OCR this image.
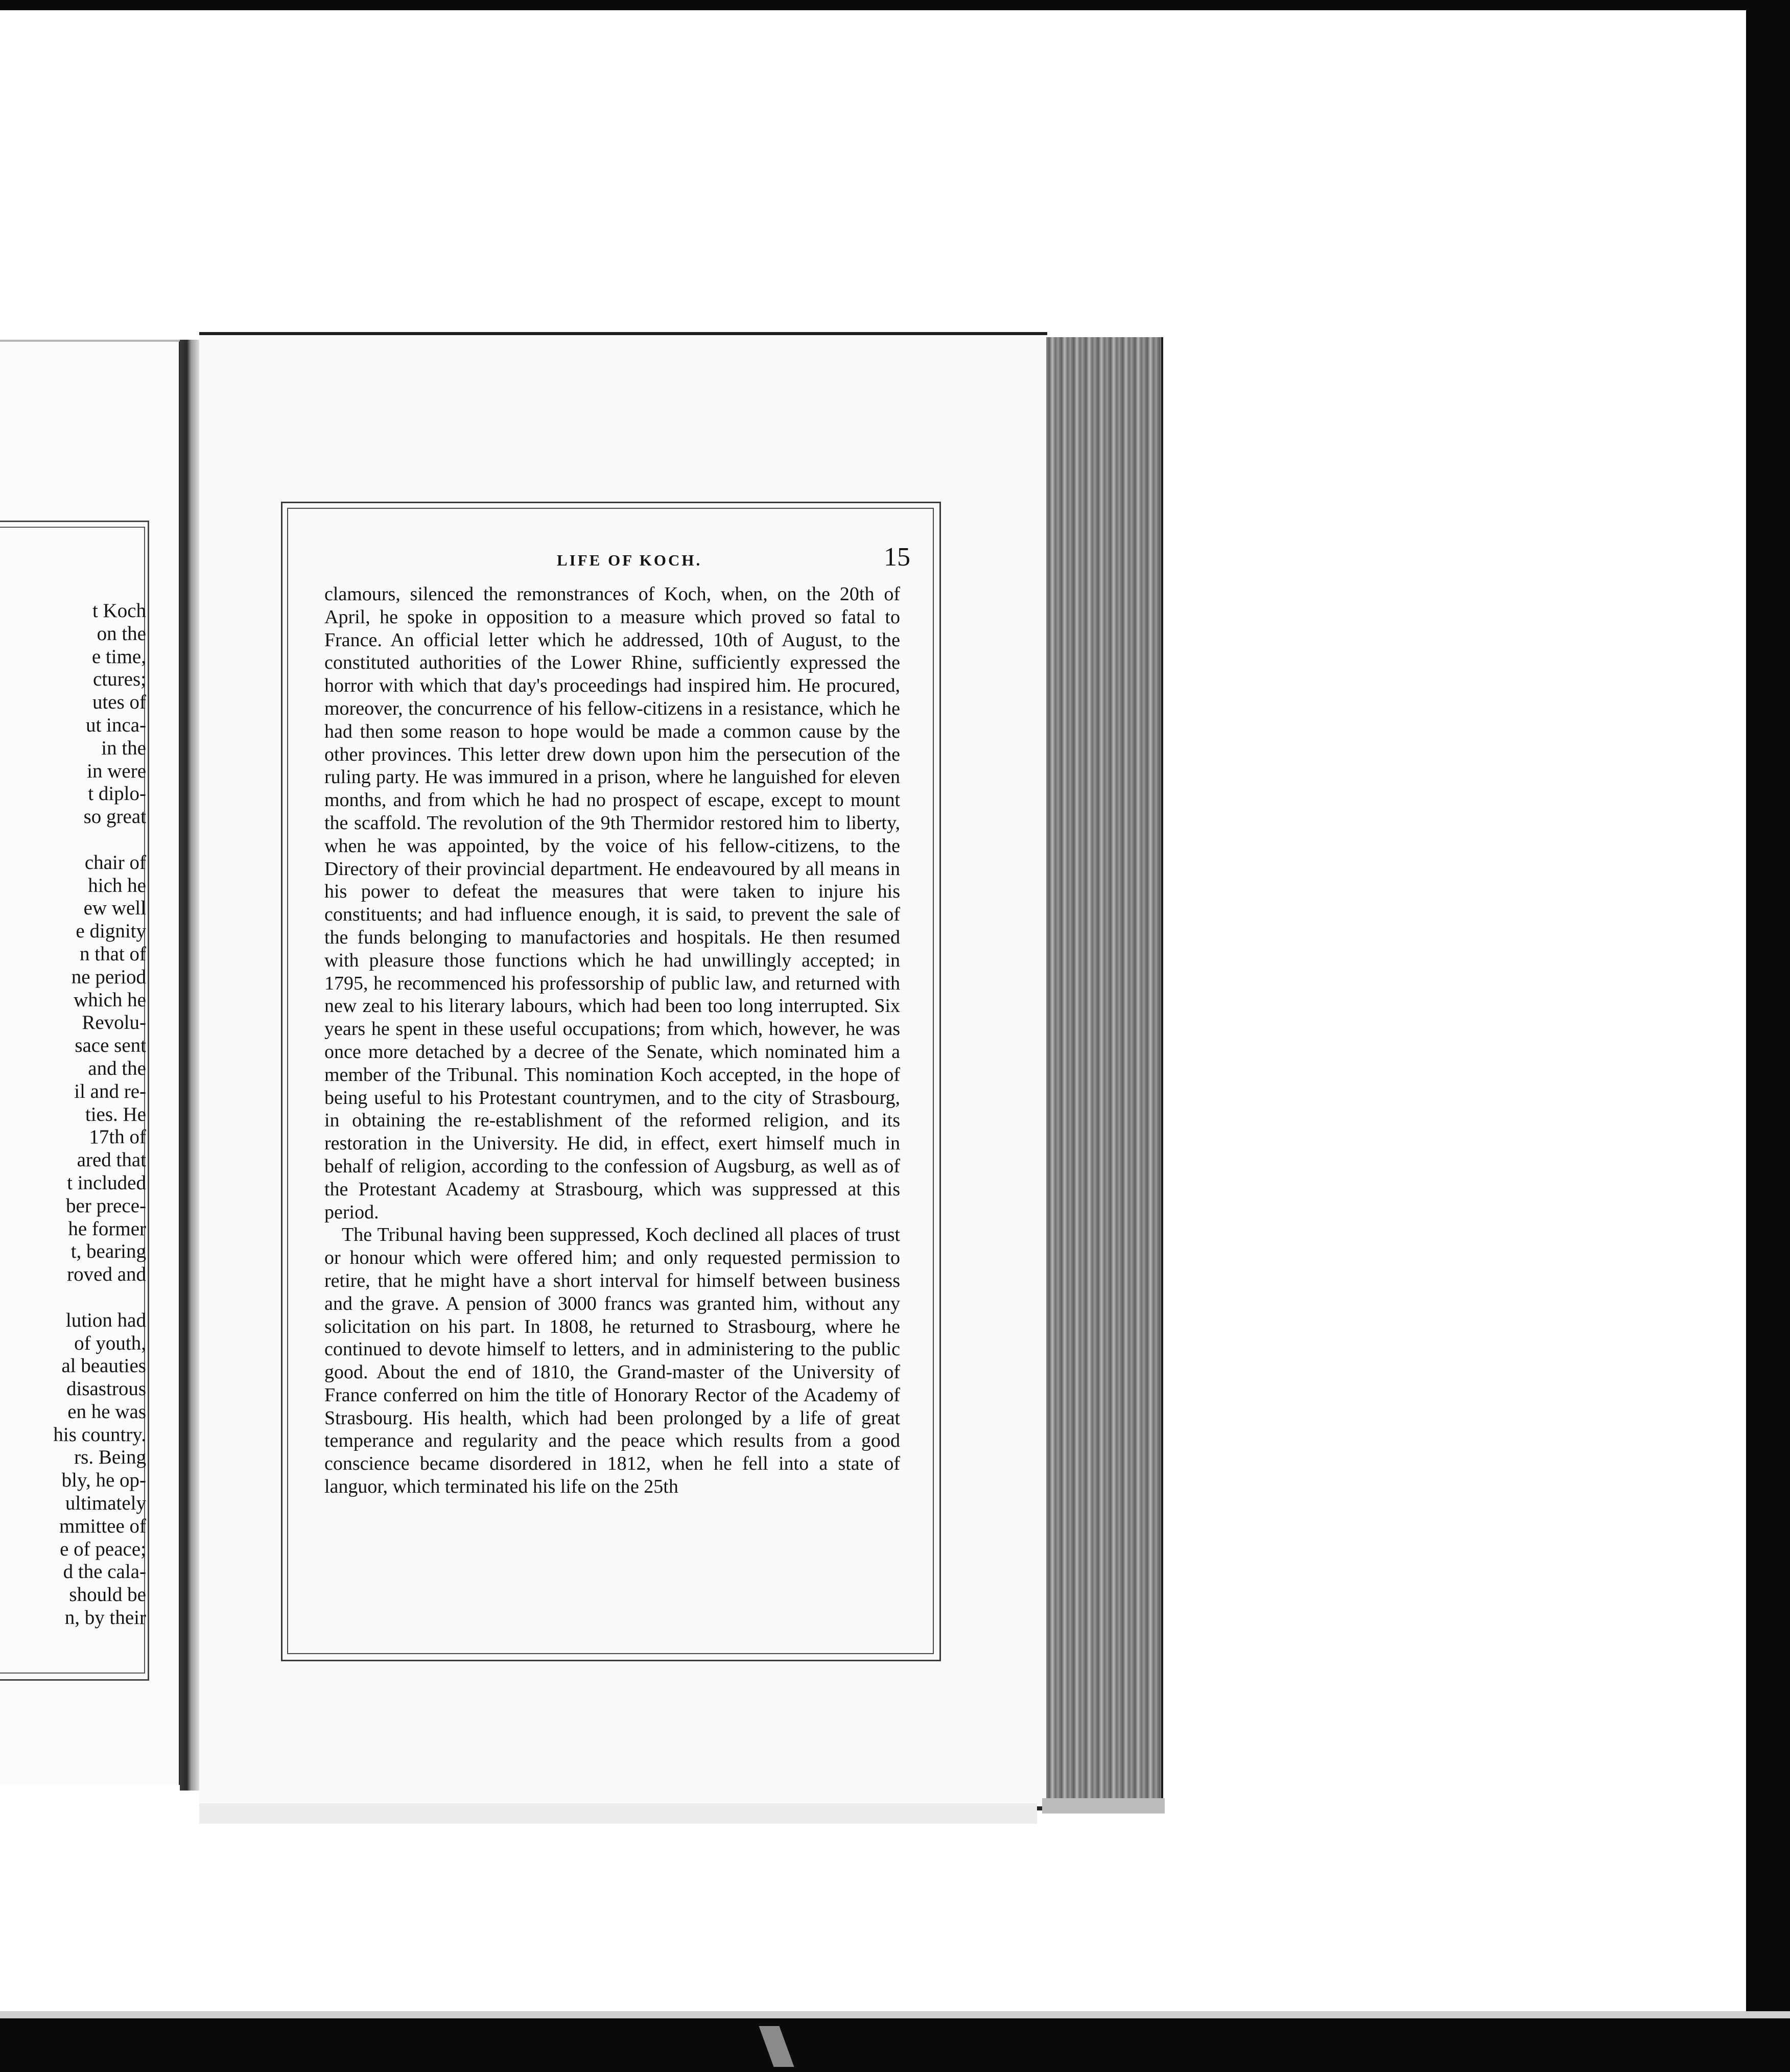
t Koch
on the
e time,
ctures;
utes of
ut inca-
in the
in were
t diplo-
so great
chair of
hich he
ew well
e dignity
n that of
ne period
which he
Revolu-
sace sent
and the
il and re-
ties. He
17th of
ared that
t included
ber prece-
he former
t, bearing
roved and
lution had
of youth,
al beauties
disastrous
en he was
his country.
rs. Being
bly, he op-
ultimately
mmittee of
e of peace;
d the cala-
should be
n, by their
LIFE OF KOCH.	15

clamours, silenced the remonstrances of Koch, when, on the 20th of April, he spoke in opposition to a measure which proved so fatal to France. An official letter which he addressed, 10th of August, to the constituted authorities of the Lower Rhine, sufficiently expressed the horror with which that day's proceedings had inspired him. He procured, moreover, the concurrence of his fellow-citizens in a resistance, which he had then some reason to hope would be made a common cause by the other provinces. This letter drew down upon him the persecution of the ruling party. He was immured in a prison, where he languished for eleven months, and from which he had no prospect of escape, except to mount the scaffold. The revolution of the 9th Thermidor restored him to liberty, when he was appointed, by the voice of his fellow-citizens, to the Directory of their provincial department. He endeavoured by all means in his power to defeat the measures that were taken to injure his constituents; and had influence enough, it is said, to prevent the sale of the funds belonging to manufactories and hospitals. He then resumed with pleasure those functions which he had unwillingly accepted; in 1795, he recommenced his professorship of public law, and returned with new zeal to his literary labours, which had been too long interrupted. Six years he spent in these useful occupations; from which, however, he was once more detached by a decree of the Senate, which nominated him a member of the Tribunal. This nomination Koch accepted, in the hope of being useful to his Protestant countrymen, and to the city of Strasbourg, in obtaining the re-establishment of the reformed religion, and its restoration in the University. He did, in effect, exert himself much in behalf of religion, according to the confession of Augsburg, as well as of the Protestant Academy at Strasbourg, which was suppressed at this period.

The Tribunal having been suppressed, Koch declined all places of trust or honour which were offered him; and only requested permission to retire, that he might have a short interval for himself between business and the grave. A pension of 3000 francs was granted him, without any solicitation on his part. In 1808, he returned to Strasbourg, where he continued to devote himself to letters, and in administering to the public good. About the end of 1810, the Grand-master of the University of France conferred on him the title of Honorary Rector of the Academy of Strasbourg. His health, which had been prolonged by a life of great temperance and regularity and the peace which results from a good conscience became disordered in 1812, when he fell into a state of languor, which terminated his life on the 25th
